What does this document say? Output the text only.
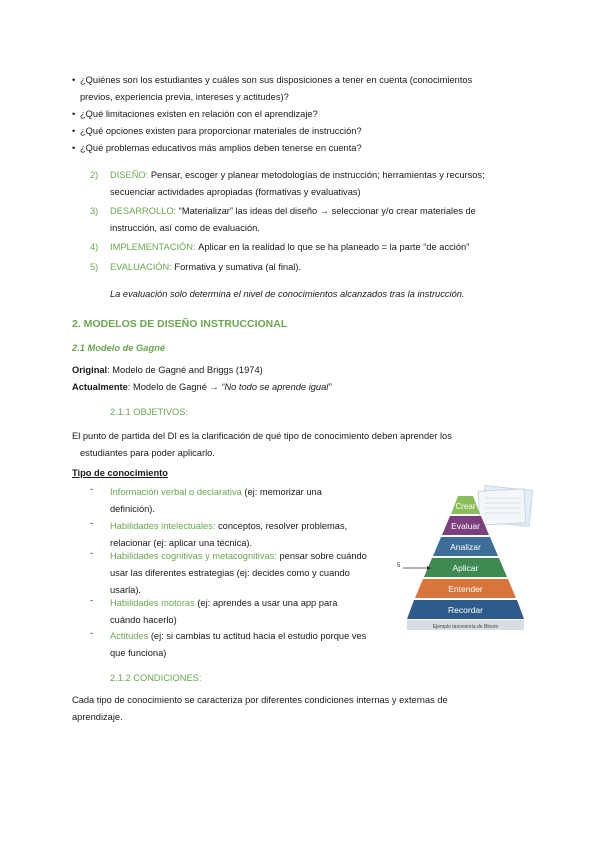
• ¿Quiénes son los estudiantes y cuáles son sus disposiciones a tener en cuenta (conocimientos
previos, experiencia previa, intereses y actitudes)?
• ¿Qué limitaciones existen en relación con el aprendizaje?
• ¿Qué opciones existen para proporcionar materiales de instrucción?
• ¿Qué problemas educativos más amplios deben tenerse en cuenta?
2) DISEÑO: Pensar, escoger y planear metodologías de instrucción; herramientas y recursos;
secuenciar actividades apropiadas (formativas y evaluativas)
3) DESARROLLO: “Materializar” las ideas del diseño → seleccionar y/o crear materiales de
instrucción, así como de evaluación.
4) IMPLEMENTACIÓN: Aplicar en la realidad lo que se ha planeado = la parte “de acción”
5) EVALUACIÓN: Formativa y sumativa (al final).
La evaluación solo determina el nivel de conocimientos alcanzados tras la instrucción.
2. MODELOS DE DISEÑO INSTRUCCIONAL
2.1 Modelo de Gagné
Original: Modelo de Gagné and Briggs (1974)
Actualmente: Modelo de Gagné → “No todo se aprende igual”
2.1.1 OBJETIVOS:
El punto de partida del DI es la clarificación de qué tipo de conocimiento deben aprender los
estudiantes para poder aplicarlo.
Tipo de conocimiento
- Información verbal o declarativa (ej: memorizar una
definición).
- Habilidades intelectuales: conceptos, resolver problemas,
relacionar (ej: aplicar una técnica).
- Habilidades cognitivas y metacognitivas: pensar sobre cuándo
usar las diferentes estrategias (ej: decides como y cuando
usarla).
- Habilidades motoras (ej: aprendes a usar una app para
cuándo hacerlo)
- Actitudes (ej: si cambias tu actitud hacia el estudio porque ves
que funciona)
Crear
Evaluar
Analizar
Aplicar
Entender
Recordar
Ejemplo taxonomía de Bloom
5
2.1.2 CONDICIONES:
Cada tipo de conocimiento se caracteriza por diferentes condiciones internas y externas de
aprendizaje.
